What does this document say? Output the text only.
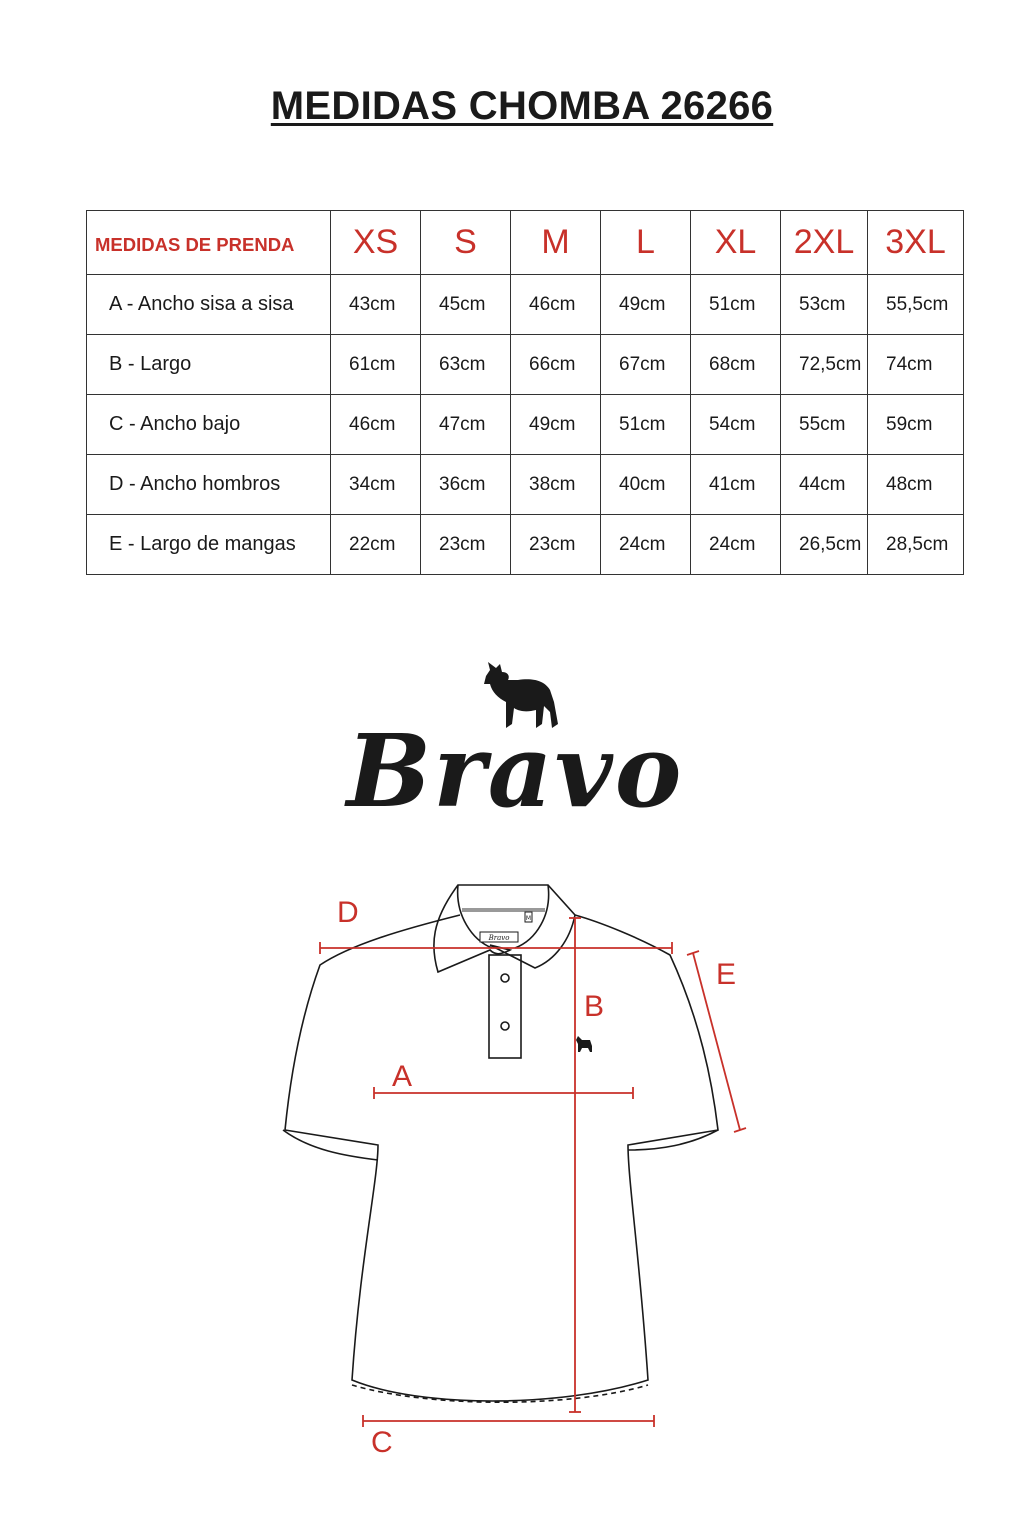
MEDIDAS CHOMBA 26266
MEDIDAS DE PRENDA	XS	S	M	L	XL	2XL	3XL
A - Ancho sisa a sisa	43cm	45cm	46cm	49cm	51cm	53cm	55,5cm
B - Largo	61cm	63cm	66cm	67cm	68cm	72,5cm	74cm
C - Ancho bajo	46cm	47cm	49cm	51cm	54cm	55cm	59cm
D - Ancho hombros	34cm	36cm	38cm	40cm	41cm	44cm	48cm
E - Largo de mangas	22cm	23cm	23cm	24cm	24cm	26,5cm	28,5cm
Bravo
Bravo
M
D
B
A
C
E
